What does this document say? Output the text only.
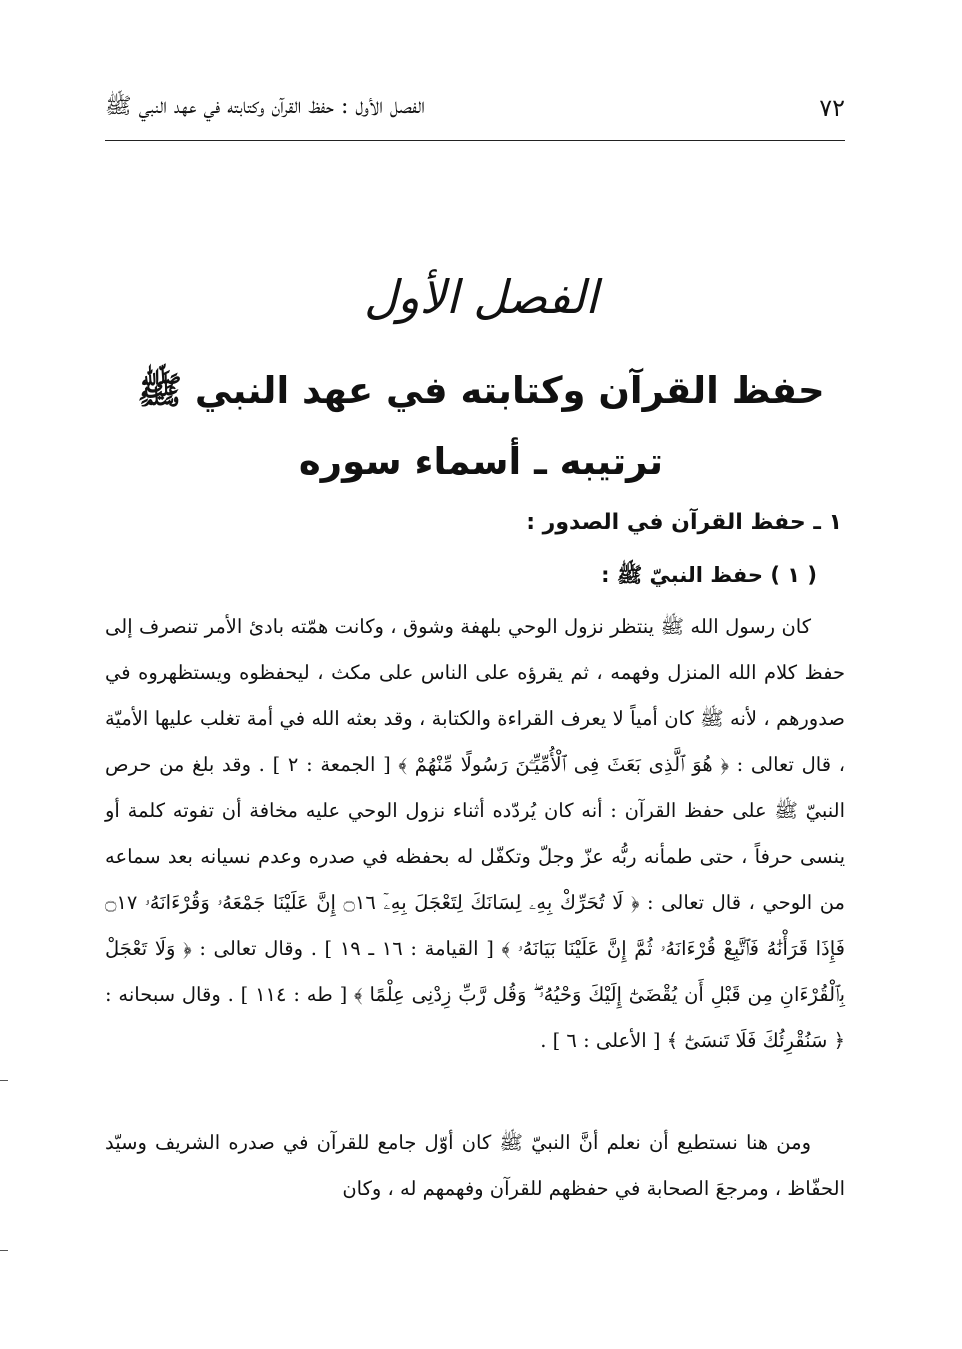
٧٢
الفصل الأول : حفظ القرآن وكتابته في عهد النبي ﷺ
الفصل الأول
حفظ القرآن وكتابته في عهد النبي ﷺ
ترتيبه ـ أسماء سوره
١ ـ حفظ القرآن في الصدور :
( ١ ) حفظ النبيّ ﷺ :
كان رسول الله ﷺ ينتظر نزول الوحي بلهفة وشوق ، وكانت همّته بادئ الأمر تنصرف إلى حفظ كلام الله المنزل وفهمه ، ثم يقرؤه على الناس على مكث ، ليحفظوه ويستظهروه في صدورهم ، لأنه ﷺ كان أمياً لا يعرف القراءة والكتابة ، وقد بعثه الله في أمة تغلب عليها الأميّة ، قال تعالى : ﴿ هُوَ ٱلَّذِى بَعَثَ فِى ٱلْأُمِّيِّـۧنَ رَسُولًا مِّنْهُمْ ﴾ [ الجمعة : ٢ ] . وقد بلغ من حرص النبيّ ﷺ على حفظ القرآن : أنه كان يُردّده أثناء نزول الوحي عليه مخافة أن تفوته كلمة أو ينسى حرفاً ، حتى طمأنه ربُّه عزّ وجلّ وتكفّل له بحفظه في صدره وعدم نسيانه بعد سماعه من الوحي ، قال تعالى : ﴿ لَا تُحَرِّكْ بِهِۦ لِسَانَكَ لِتَعْجَلَ بِهِۦٓ ۝١٦ إِنَّ عَلَيْنَا جَمْعَهُۥ وَقُرْءَانَهُۥ ۝١٧ فَإِذَا قَرَأْنَٰهُ فَٱتَّبِعْ قُرْءَانَهُۥ ثُمَّ إِنَّ عَلَيْنَا بَيَانَهُۥ ﴾ [ القيامة : ١٦ ـ ١٩ ] . وقال تعالى : ﴿ وَلَا تَعْجَلْ بِٱلْقُرْءَانِ مِن قَبْلِ أَن يُقْضَىٰٓ إِلَيْكَ وَحْيُهُۥ ۖ وَقُل رَّبِّ زِدْنِى عِلْمًا ﴾ [ طه : ١١٤ ] . وقال سبحانه : ﴿ سَنُقْرِئُكَ فَلَا تَنسَىٰٓ ﴾ [ الأعلى : ٦ ] .
ومن هنا نستطيع أن نعلم أنَّ النبيّ ﷺ كان أوّل جامع للقرآن في صدره الشريف وسيّد الحفّاظ ، ومرجعَ الصحابة في حفظهم للقرآن وفهمهم له ، وكان
